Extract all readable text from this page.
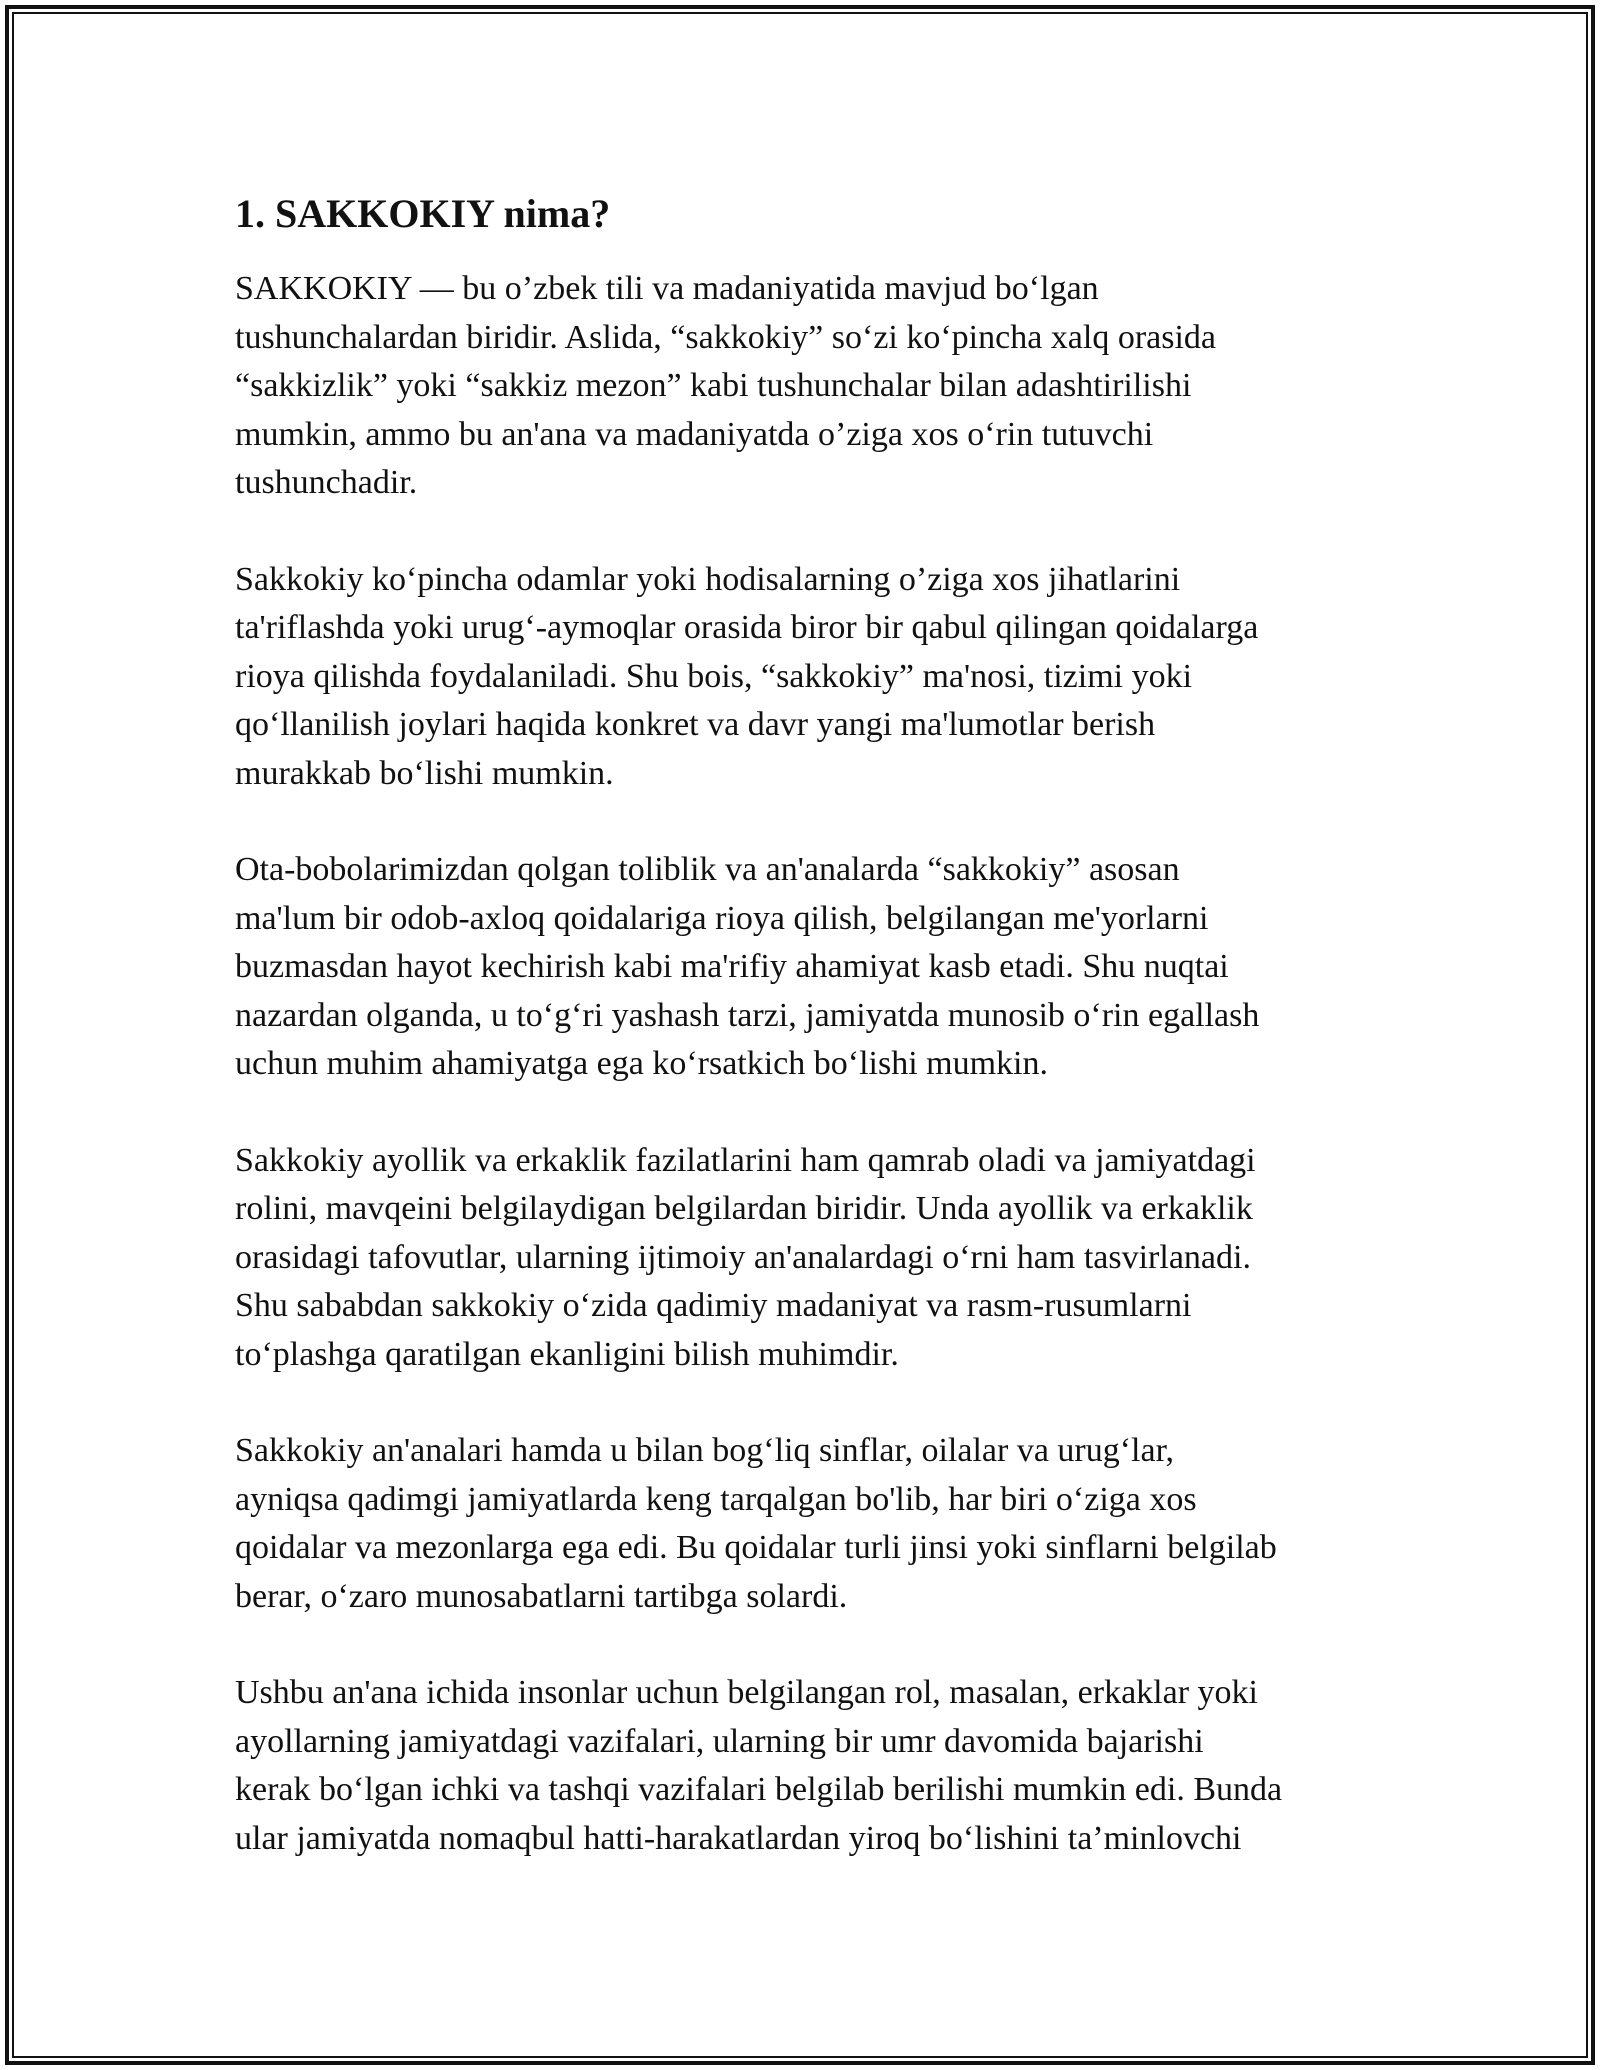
1. SAKKOKIY nima?

SAKKOKIY — bu o’zbek tili va madaniyatida mavjud bo‘lgan
tushunchalardan biridir. Aslida, “sakkokiy” so‘zi ko‘pincha xalq orasida
“sakkizlik” yoki “sakkiz mezon” kabi tushunchalar bilan adashtirilishi
mumkin, ammo bu an'ana va madaniyatda o’ziga xos o‘rin tutuvchi
tushunchadir.

Sakkokiy ko‘pincha odamlar yoki hodisalarning o’ziga xos jihatlarini
ta'riflashda yoki urug‘-aymoqlar orasida biror bir qabul qilingan qoidalarga
rioya qilishda foydalaniladi. Shu bois, “sakkokiy” ma'nosi, tizimi yoki
qo‘llanilish joylari haqida konkret va davr yangi ma'lumotlar berish
murakkab bo‘lishi mumkin.

Ota-bobolarimizdan qolgan toliblik va an'analarda “sakkokiy” asosan
ma'lum bir odob-axloq qoidalariga rioya qilish, belgilangan me'yorlarni
buzmasdan hayot kechirish kabi ma'rifiy ahamiyat kasb etadi. Shu nuqtai
nazardan olganda, u to‘g‘ri yashash tarzi, jamiyatda munosib o‘rin egallash
uchun muhim ahamiyatga ega ko‘rsatkich bo‘lishi mumkin.

Sakkokiy ayollik va erkaklik fazilatlarini ham qamrab oladi va jamiyatdagi
rolini, mavqeini belgilaydigan belgilardan biridir. Unda ayollik va erkaklik
orasidagi tafovutlar, ularning ijtimoiy an'analardagi o‘rni ham tasvirlanadi.
Shu sababdan sakkokiy o‘zida qadimiy madaniyat va rasm-rusumlarni
to‘plashga qaratilgan ekanligini bilish muhimdir.

Sakkokiy an'analari hamda u bilan bog‘liq sinflar, oilalar va urug‘lar,
ayniqsa qadimgi jamiyatlarda keng tarqalgan bo'lib, har biri o‘ziga xos
qoidalar va mezonlarga ega edi. Bu qoidalar turli jinsi yoki sinflarni belgilab
berar, o‘zaro munosabatlarni tartibga solardi.

Ushbu an'ana ichida insonlar uchun belgilangan rol, masalan, erkaklar yoki
ayollarning jamiyatdagi vazifalari, ularning bir umr davomida bajarishi
kerak bo‘lgan ichki va tashqi vazifalari belgilab berilishi mumkin edi. Bunda
ular jamiyatda nomaqbul hatti-harakatlardan yiroq bo‘lishini ta’minlovchi
